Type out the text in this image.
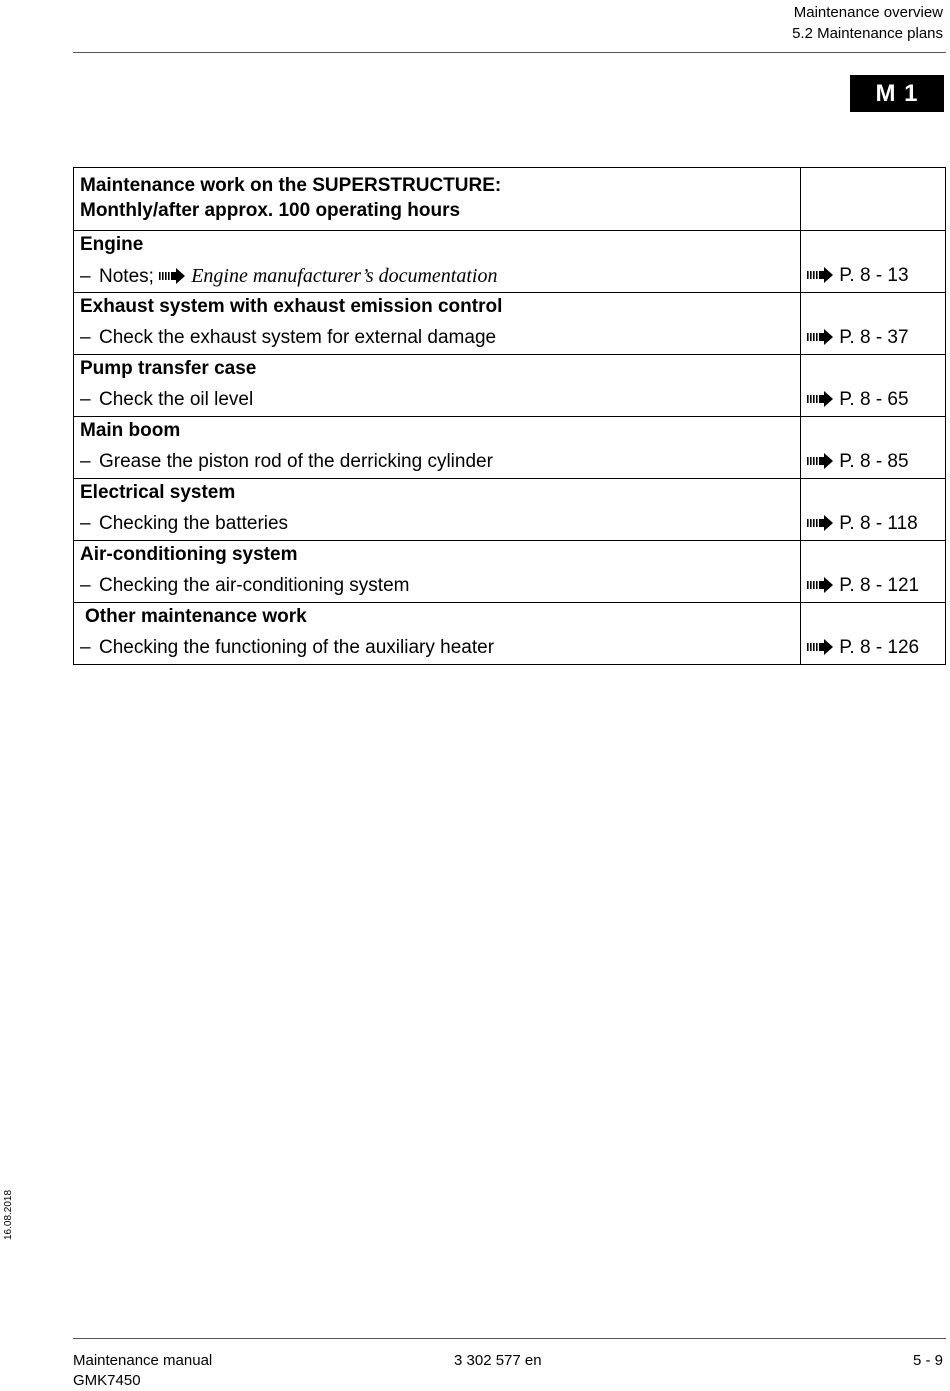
Maintenance overview
5.2 Maintenance plans
M 1
Maintenance work on the SUPERSTRUCTURE:
Monthly/after approx. 100 operating hours	

Engine
– Notes; Engine manufacturer’s documentation	P. 8 - 13

Exhaust system with exhaust emission control
– Check the exhaust system for external damage	P. 8 - 37

Pump transfer case
– Check the oil level	P. 8 - 65

Main boom
– Grease the piston rod of the derricking cylinder	P. 8 - 85

Electrical system
– Checking the batteries	P. 8 - 118

Air-conditioning system
– Checking the air-conditioning system	P. 8 - 121

Other maintenance work
– Checking the functioning of the auxiliary heater	P. 8 - 126
16.08.2018
Maintenance manual
GMK7450
3 302 577 en	5 - 9
